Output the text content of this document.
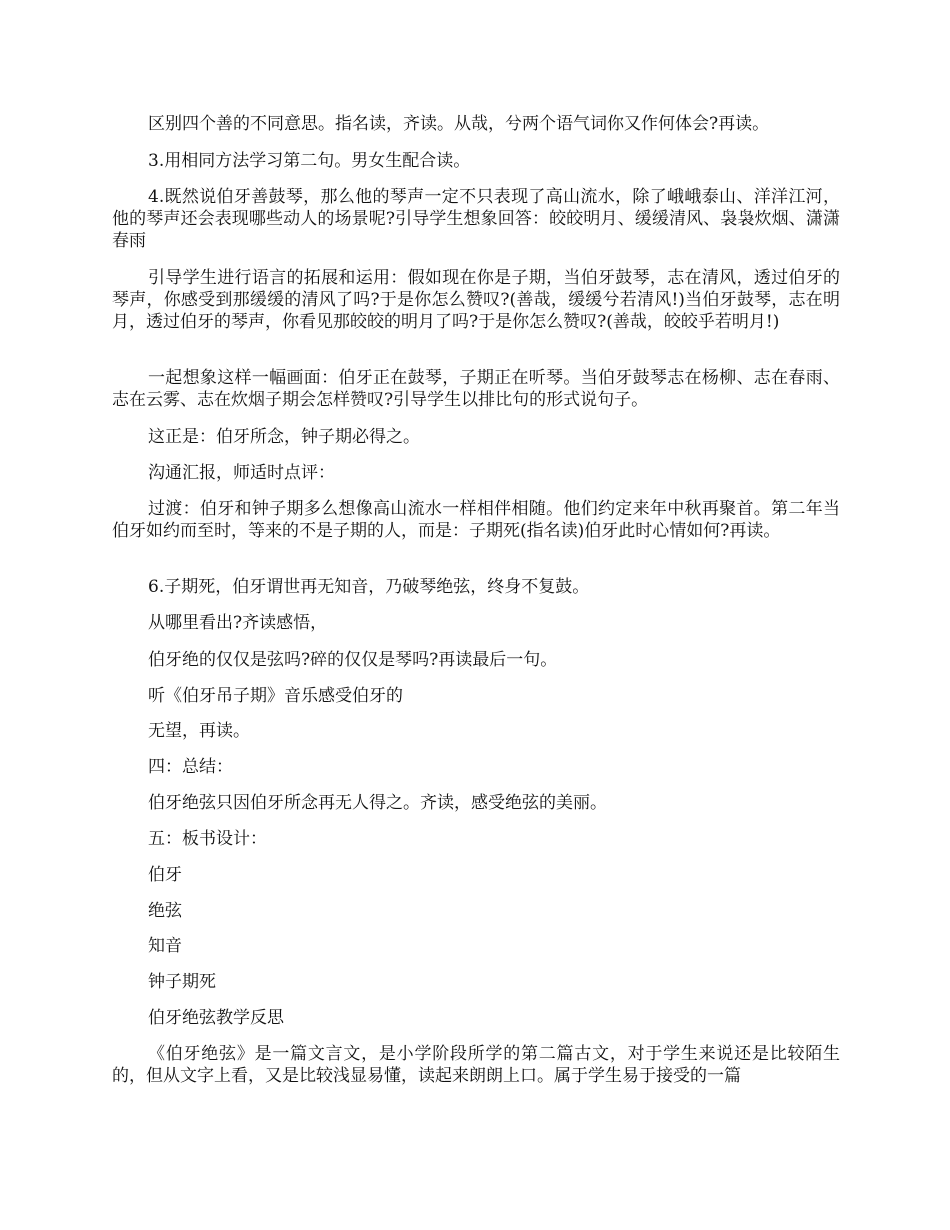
区别四个善的不同意思。指名读，齐读。从哉，兮两个语气词你又作何体会?再读。

3.用相同方法学习第二句。男女生配合读。

4.既然说伯牙善鼓琴，那么他的琴声一定不只表现了高山流水，除了峨峨泰山、洋洋江河，他的琴声还会表现哪些动人的场景呢?引导学生想象回答：皎皎明月、缓缓清风、袅袅炊烟、潇潇春雨

引导学生进行语言的拓展和运用：假如现在你是子期，当伯牙鼓琴，志在清风，透过伯牙的琴声，你感受到那缓缓的清风了吗?于是你怎么赞叹?(善哉，缓缓兮若清风!)当伯牙鼓琴，志在明月，透过伯牙的琴声，你看见那皎皎的明月了吗?于是你怎么赞叹?(善哉，皎皎乎若明月!)

一起想象这样一幅画面：伯牙正在鼓琴，子期正在听琴。当伯牙鼓琴志在杨柳、志在春雨、志在云雾、志在炊烟子期会怎样赞叹?引导学生以排比句的形式说句子。

这正是：伯牙所念，钟子期必得之。

沟通汇报，师适时点评：

过渡：伯牙和钟子期多么想像高山流水一样相伴相随。他们约定来年中秋再聚首。第二年当伯牙如约而至时，等来的不是子期的人，而是：子期死(指名读)伯牙此时心情如何?再读。

6.子期死，伯牙谓世再无知音，乃破琴绝弦，终身不复鼓。

从哪里看出?齐读感悟，

伯牙绝的仅仅是弦吗?碎的仅仅是琴吗?再读最后一句。

听《伯牙吊子期》音乐感受伯牙的

无望，再读。

四：总结：

伯牙绝弦只因伯牙所念再无人得之。齐读，感受绝弦的美丽。

五：板书设计：

伯牙

绝弦

知音

钟子期死

伯牙绝弦教学反思

《伯牙绝弦》是一篇文言文，是小学阶段所学的第二篇古文，对于学生来说还是比较陌生的，但从文字上看，又是比较浅显易懂，读起来朗朗上口。属于学生易于接受的一篇
